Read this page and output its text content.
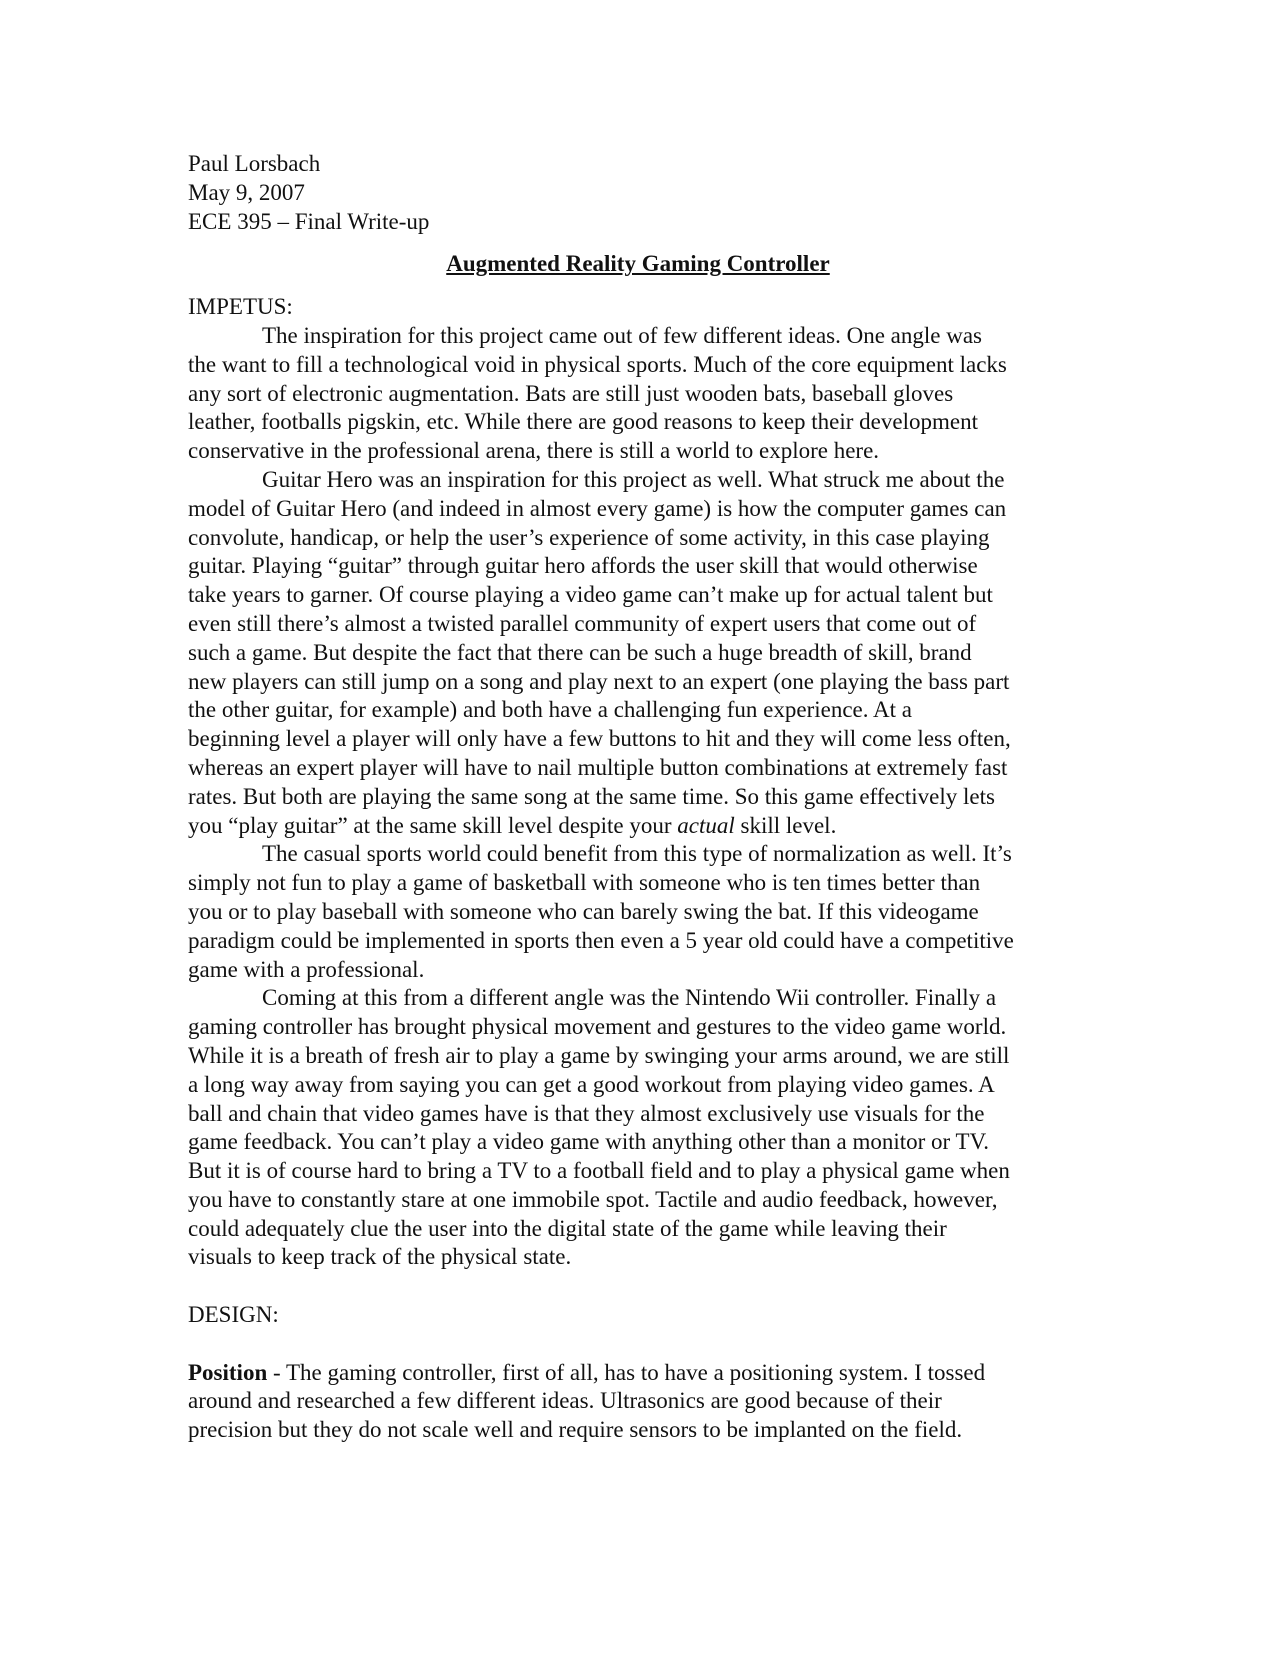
Paul Lorsbach
May 9, 2007
ECE 395 – Final Write-up
Augmented Reality Gaming Controller
IMPETUS:
The inspiration for this project came out of few different ideas. One angle was
the want to fill a technological void in physical sports. Much of the core equipment lacks
any sort of electronic augmentation. Bats are still just wooden bats, baseball gloves
leather, footballs pigskin, etc. While there are good reasons to keep their development
conservative in the professional arena, there is still a world to explore here.
Guitar Hero was an inspiration for this project as well. What struck me about the
model of Guitar Hero (and indeed in almost every game) is how the computer games can
convolute, handicap, or help the user’s experience of some activity, in this case playing
guitar. Playing “guitar” through guitar hero affords the user skill that would otherwise
take years to garner. Of course playing a video game can’t make up for actual talent but
even still there’s almost a twisted parallel community of expert users that come out of
such a game. But despite the fact that there can be such a huge breadth of skill, brand
new players can still jump on a song and play next to an expert (one playing the bass part
the other guitar, for example) and both have a challenging fun experience. At a
beginning level a player will only have a few buttons to hit and they will come less often,
whereas an expert player will have to nail multiple button combinations at extremely fast
rates. But both are playing the same song at the same time. So this game effectively lets
you “play guitar” at the same skill level despite your actual skill level.
The casual sports world could benefit from this type of normalization as well. It’s
simply not fun to play a game of basketball with someone who is ten times better than
you or to play baseball with someone who can barely swing the bat. If this videogame
paradigm could be implemented in sports then even a 5 year old could have a competitive
game with a professional.
Coming at this from a different angle was the Nintendo Wii controller. Finally a
gaming controller has brought physical movement and gestures to the video game world.
While it is a breath of fresh air to play a game by swinging your arms around, we are still
a long way away from saying you can get a good workout from playing video games. A
ball and chain that video games have is that they almost exclusively use visuals for the
game feedback. You can’t play a video game with anything other than a monitor or TV.
But it is of course hard to bring a TV to a football field and to play a physical game when
you have to constantly stare at one immobile spot. Tactile and audio feedback, however,
could adequately clue the user into the digital state of the game while leaving their
visuals to keep track of the physical state.
DESIGN:
Position - The gaming controller, first of all, has to have a positioning system. I tossed
around and researched a few different ideas. Ultrasonics are good because of their
precision but they do not scale well and require sensors to be implanted on the field.
